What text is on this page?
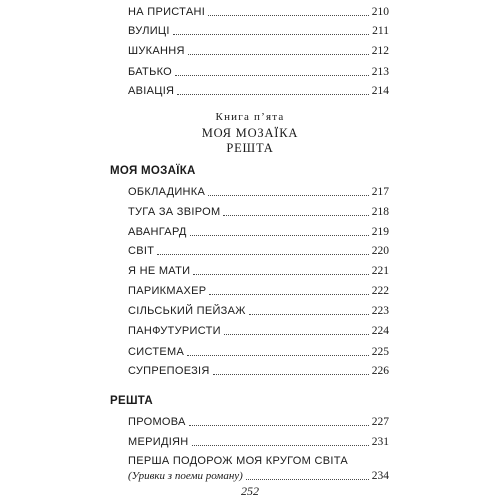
НА ПРИСТАНІ	210
ВУЛИЦІ	211
ШУКАННЯ	212
БАТЬКО	213
АВІАЦІЯ	214
Книга п’ята
МОЯ МОЗАЇКА
РЕШТА
МОЯ МОЗАЇКА
ОБКЛАДИНКА	217
ТУГА ЗА ЗВІРОМ	218
АВАНГАРД	219
СВІТ	220
Я НЕ МАТИ	221
ПАРИКМАХЕР	222
СІЛЬСЬКИЙ ПЕЙЗАЖ	223
ПАНФУТУРИСТИ	224
СИСТЕМА	225
СУПРЕПОЕЗІЯ	226
РЕШТА
ПРОМОВА	227
МЕРИДІЯН	231
ПЕРША ПОДОРОЖ МОЯ КРУГОМ СВІТА
(Уривки з поеми роману)	234
252
